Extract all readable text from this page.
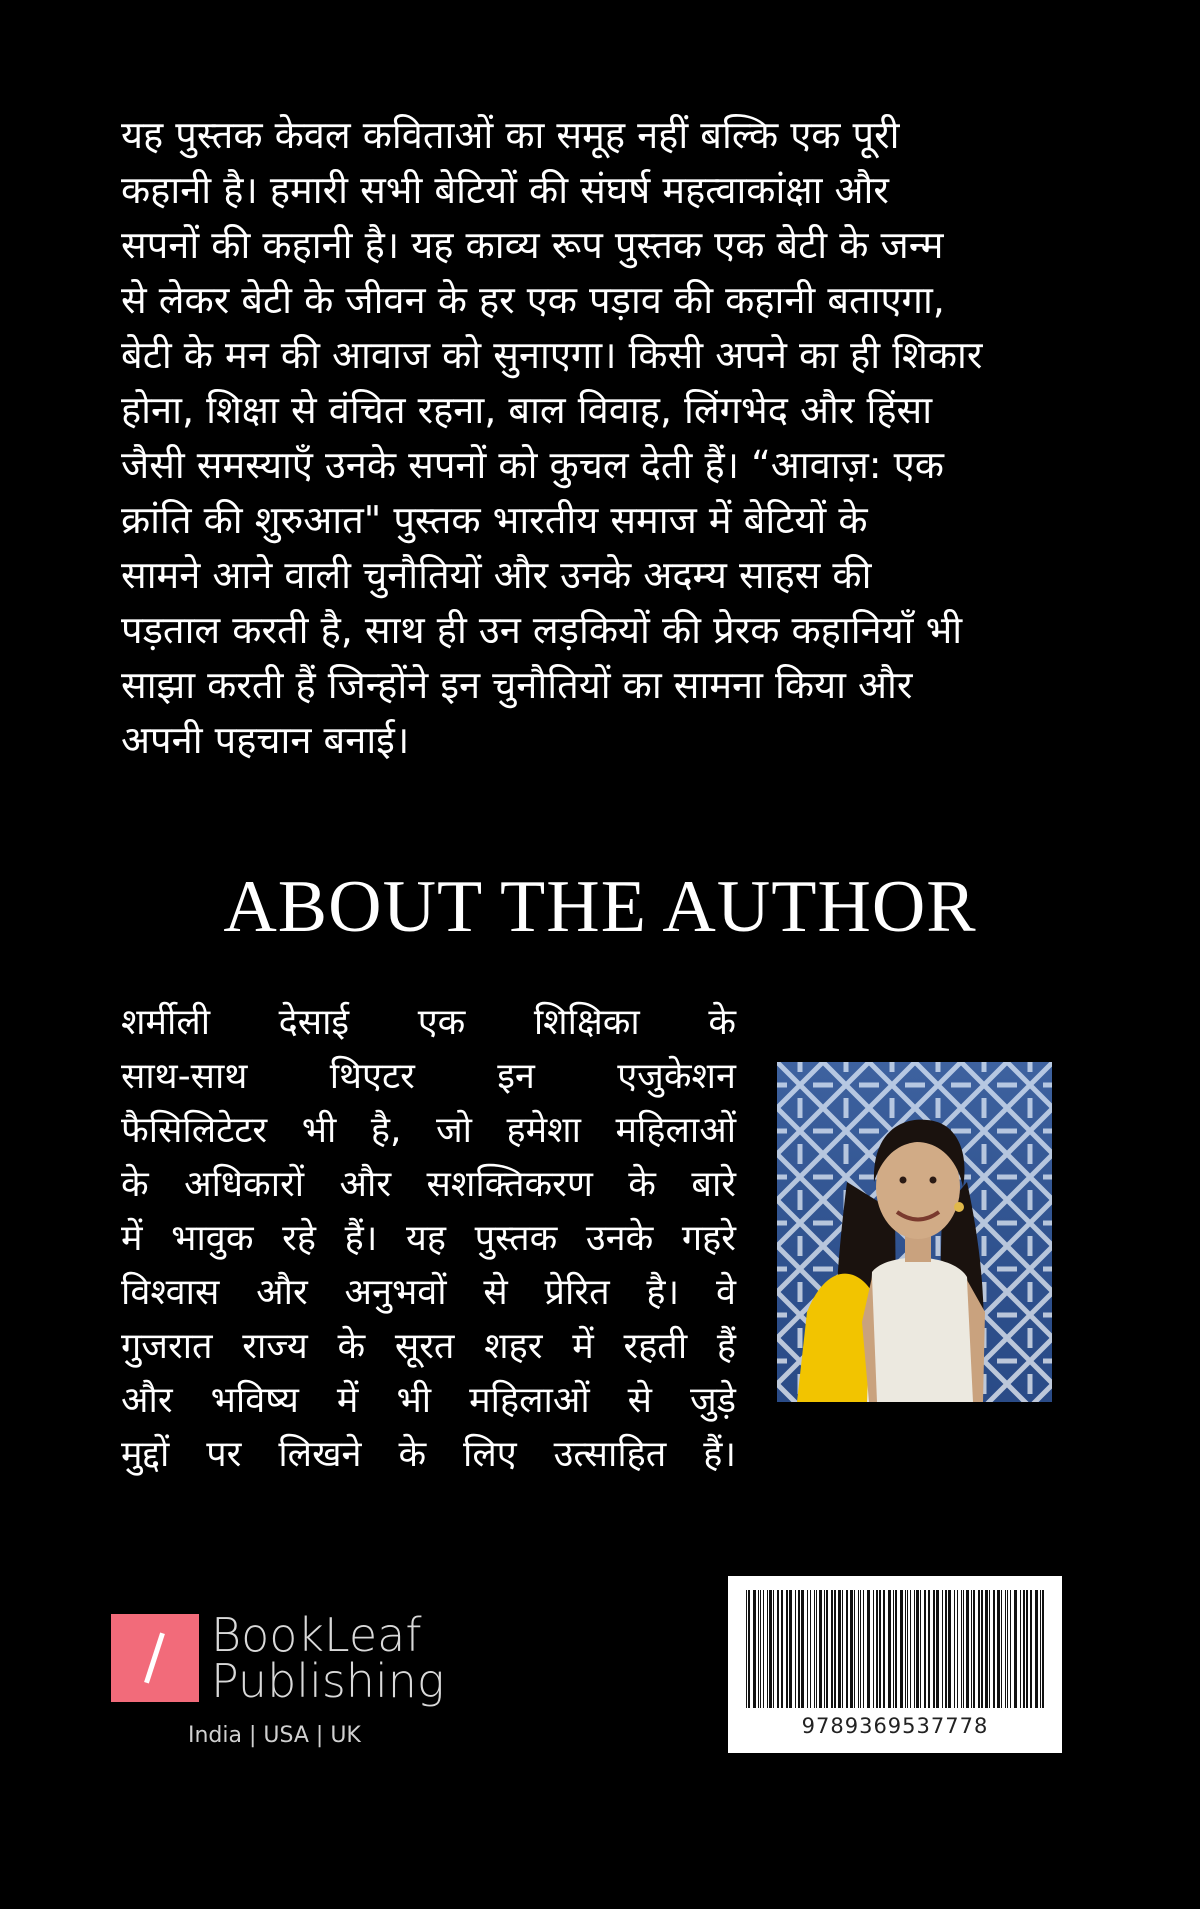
यह पुस्तक केवल कविताओं का समूह नहीं बल्कि एक पूरी
कहानी है। हमारी सभी बेटियों की संघर्ष महत्वाकांक्षा और
सपनों की कहानी है। यह काव्य रूप पुस्तक एक बेटी के जन्म
से लेकर बेटी के जीवन के हर एक पड़ाव की कहानी बताएगा,
बेटी के मन की आवाज को सुनाएगा। किसी अपने का ही शिकार
होना, शिक्षा से वंचित रहना, बाल विवाह, लिंगभेद और हिंसा
जैसी समस्याएँ उनके सपनों को कुचल देती हैं। “आवाज़: एक
क्रांति की शुरुआत" पुस्तक भारतीय समाज में बेटियों के
सामने आने वाली चुनौतियों और उनके अदम्य साहस की
पड़ताल करती है, साथ ही उन लड़कियों की प्रेरक कहानियाँ भी
साझा करती हैं जिन्होंने इन चुनौतियों का सामना किया और
अपनी पहचान बनाई।

ABOUT THE AUTHOR
शर्मीली देसाई एक शिक्षिका के
साथ-साथ थिएटर इन एजुकेशन
फैसिलिटेटर भी है, जो हमेशा महिलाओं
के अधिकारों और सशक्तिकरण के बारे
में भावुक रहे हैं। यह पुस्तक उनके गहरे
विश्वास और अनुभवों से प्रेरित है। वे
गुजरात राज्य के सूरत शहर में रहती हैं
और भविष्य में भी महिलाओं से जुड़े
मुद्दों पर लिखने के लिए उत्साहित हैं।
BookLeaf
Publishing
India | USA | UK	9789369537778
